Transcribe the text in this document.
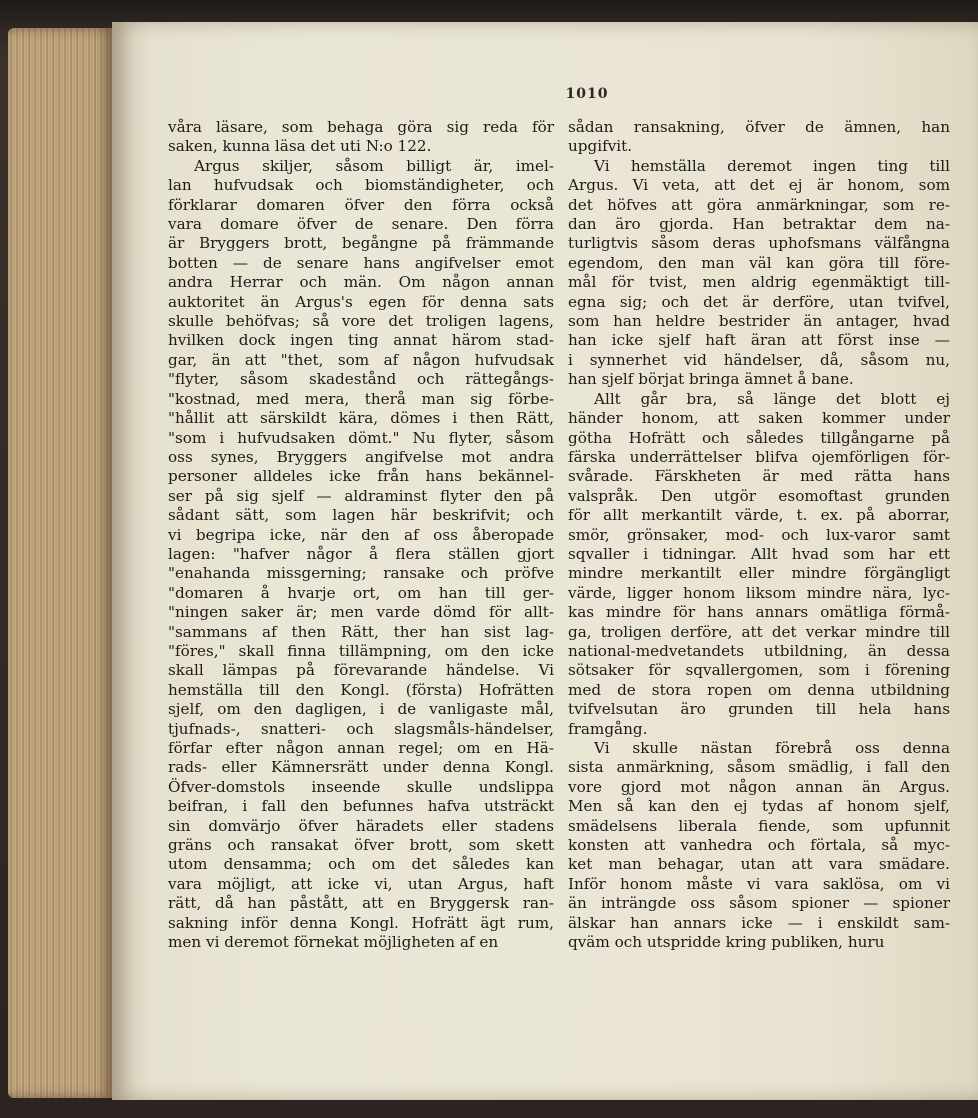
1010

våra läsare, som behaga göra sig reda för
saken, kunna läsa det uti N:o 122.

Argus skiljer, såsom billigt är, imel-
lan hufvudsak och biomständigheter, och
förklarar domaren öfver den förra också
vara domare öfver de senare. Den förra
är Bryggers brott, begångne på främmande
botten — de senare hans angifvelser emot
andra Herrar och män. Om någon annan
auktoritet än Argus's egen för denna sats
skulle behöfvas; så vore det troligen lagens,
hvilken dock ingen ting annat härom stad-
gar, än att "thet, som af någon hufvudsak
"flyter, såsom skadestånd och rättegångs-
"kostnad, med mera, therå man sig förbe-
"hållit att särskildt kära, dömes i then Rätt,
"som i hufvudsaken dömt." Nu flyter, såsom
oss synes, Bryggers angifvelse mot andra
personer alldeles icke från hans bekännel-
ser på sig sjelf — aldraminst flyter den på
sådant sätt, som lagen här beskrifvit; och
vi begripa icke, när den af oss åberopade
lagen: "hafver någor å flera ställen gjort
"enahanda missgerning; ransake och pröfve
"domaren å hvarje ort, om han till ger-
"ningen saker är; men varde dömd för allt-
"sammans af then Rätt, ther han sist lag-
"föres," skall finna tillämpning, om den icke
skall lämpas på förevarande händelse. Vi
hemställa till den Kongl. (första) Hofrätten
sjelf, om den dagligen, i de vanligaste mål,
tjufnads-, snatteri- och slagsmåls-händelser,
förfar efter någon annan regel; om en Hä-
rads- eller Kämnersrätt under denna Kongl.
Öfver-domstols inseende skulle undslippa
beifran, i fall den befunnes hafva utsträckt
sin domvärjo öfver häradets eller stadens
gräns och ransakat öfver brott, som skett
utom densamma; och om det således kan
vara möjligt, att icke vi, utan Argus, haft
rätt, då han påstått, att en Bryggersk ran-
sakning inför denna Kongl. Hofrätt ägt rum,
men vi deremot förnekat möjligheten af en

sådan ransakning, öfver de ämnen, han
upgifvit.

Vi hemställa deremot ingen ting till
Argus. Vi veta, att det ej är honom, som
det höfves att göra anmärkningar, som re-
dan äro gjorda. Han betraktar dem na-
turligtvis såsom deras uphofsmans välfångna
egendom, den man väl kan göra till före-
mål för tvist, men aldrig egenmäktigt till-
egna sig; och det är derföre, utan tvifvel,
som han heldre bestrider än antager, hvad
han icke sjelf haft äran att först inse —
i synnerhet vid händelser, då, såsom nu,
han sjelf börjat bringa ämnet å bane.

Allt går bra, så länge det blott ej
händer honom, att saken kommer under
götha Hofrätt och således tillgångarne på
färska underrättelser blifva ojemförligen för-
svårade. Färskheten är med rätta hans
valspråk. Den utgör esomoftast grunden
för allt merkantilt värde, t. ex. på aborrar,
smör, grönsaker, mod- och lux-varor samt
sqvaller i tidningar. Allt hvad som har ett
mindre merkantilt eller mindre förgängligt
värde, ligger honom liksom mindre nära, lyc-
kas mindre för hans annars omätliga förmå-
ga, troligen derföre, att det verkar mindre till
national-medvetandets utbildning, än dessa
sötsaker för sqvallergomen, som i förening
med de stora ropen om denna utbildning
tvifvelsutan äro grunden till hela hans
framgång.

Vi skulle nästan förebrå oss denna
sista anmärkning, såsom smädlig, i fall den
vore gjord mot någon annan än Argus.
Men så kan den ej tydas af honom sjelf,
smädelsens liberala fiende, som upfunnit
konsten att vanhedra och förtala, så myc-
ket man behagar, utan att vara smädare.
Inför honom måste vi vara saklösa, om vi
än inträngde oss såsom spioner — spioner
älskar han annars icke — i enskildt sam-
qväm och utspridde kring publiken, huru
